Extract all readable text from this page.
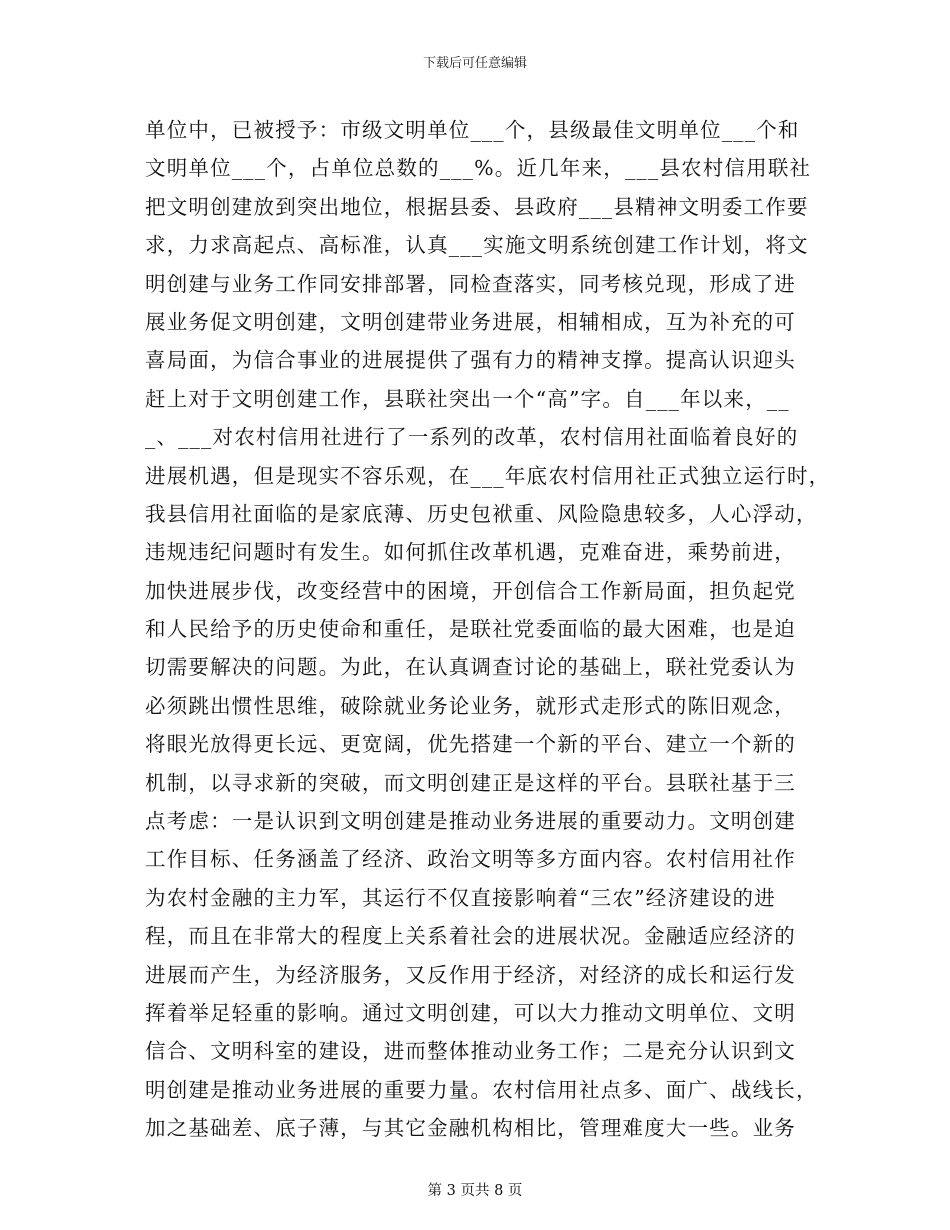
下载后可任意编辑
单位中，已被授予：市级文明单位___个，县级最佳文明单位___个和
文明单位___个，占单位总数的___%。近几年来，___县农村信用联社
把文明创建放到突出地位，根据县委、县政府___县精神文明委工作要
求，力求高起点、高标准，认真___实施文明系统创建工作计划，将文
明创建与业务工作同安排部署，同检查落实，同考核兑现，形成了进
展业务促文明创建，文明创建带业务进展，相辅相成，互为补充的可
喜局面，为信合事业的进展提供了强有力的精神支撑。提高认识迎头
赶上对于文明创建工作，县联社突出一个“高”字。自___年以来，__
_、___对农村信用社进行了一系列的改革，农村信用社面临着良好的
进展机遇，但是现实不容乐观，在___年底农村信用社正式独立运行时，
我县信用社面临的是家底薄、历史包袱重、风险隐患较多，人心浮动，
违规违纪问题时有发生。如何抓住改革机遇，克难奋进，乘势前进，
加快进展步伐，改变经营中的困境，开创信合工作新局面，担负起党
和人民给予的历史使命和重任，是联社党委面临的最大困难，也是迫
切需要解决的问题。为此，在认真调查讨论的基础上，联社党委认为
必须跳出惯性思维，破除就业务论业务，就形式走形式的陈旧观念，
将眼光放得更长远、更宽阔，优先搭建一个新的平台、建立一个新的
机制，以寻求新的突破，而文明创建正是这样的平台。县联社基于三
点考虑：一是认识到文明创建是推动业务进展的重要动力。文明创建
工作目标、任务涵盖了经济、政治文明等多方面内容。农村信用社作
为农村金融的主力军，其运行不仅直接影响着“三农”经济建设的进
程，而且在非常大的程度上关系着社会的进展状况。金融适应经济的
进展而产生，为经济服务，又反作用于经济，对经济的成长和运行发
挥着举足轻重的影响。通过文明创建，可以大力推动文明单位、文明
信合、文明科室的建设，进而整体推动业务工作；二是充分认识到文
明创建是推动业务进展的重要力量。农村信用社点多、面广、战线长，
加之基础差、底子薄，与其它金融机构相比，管理难度大一些。业务
第 3 页共 8 页
